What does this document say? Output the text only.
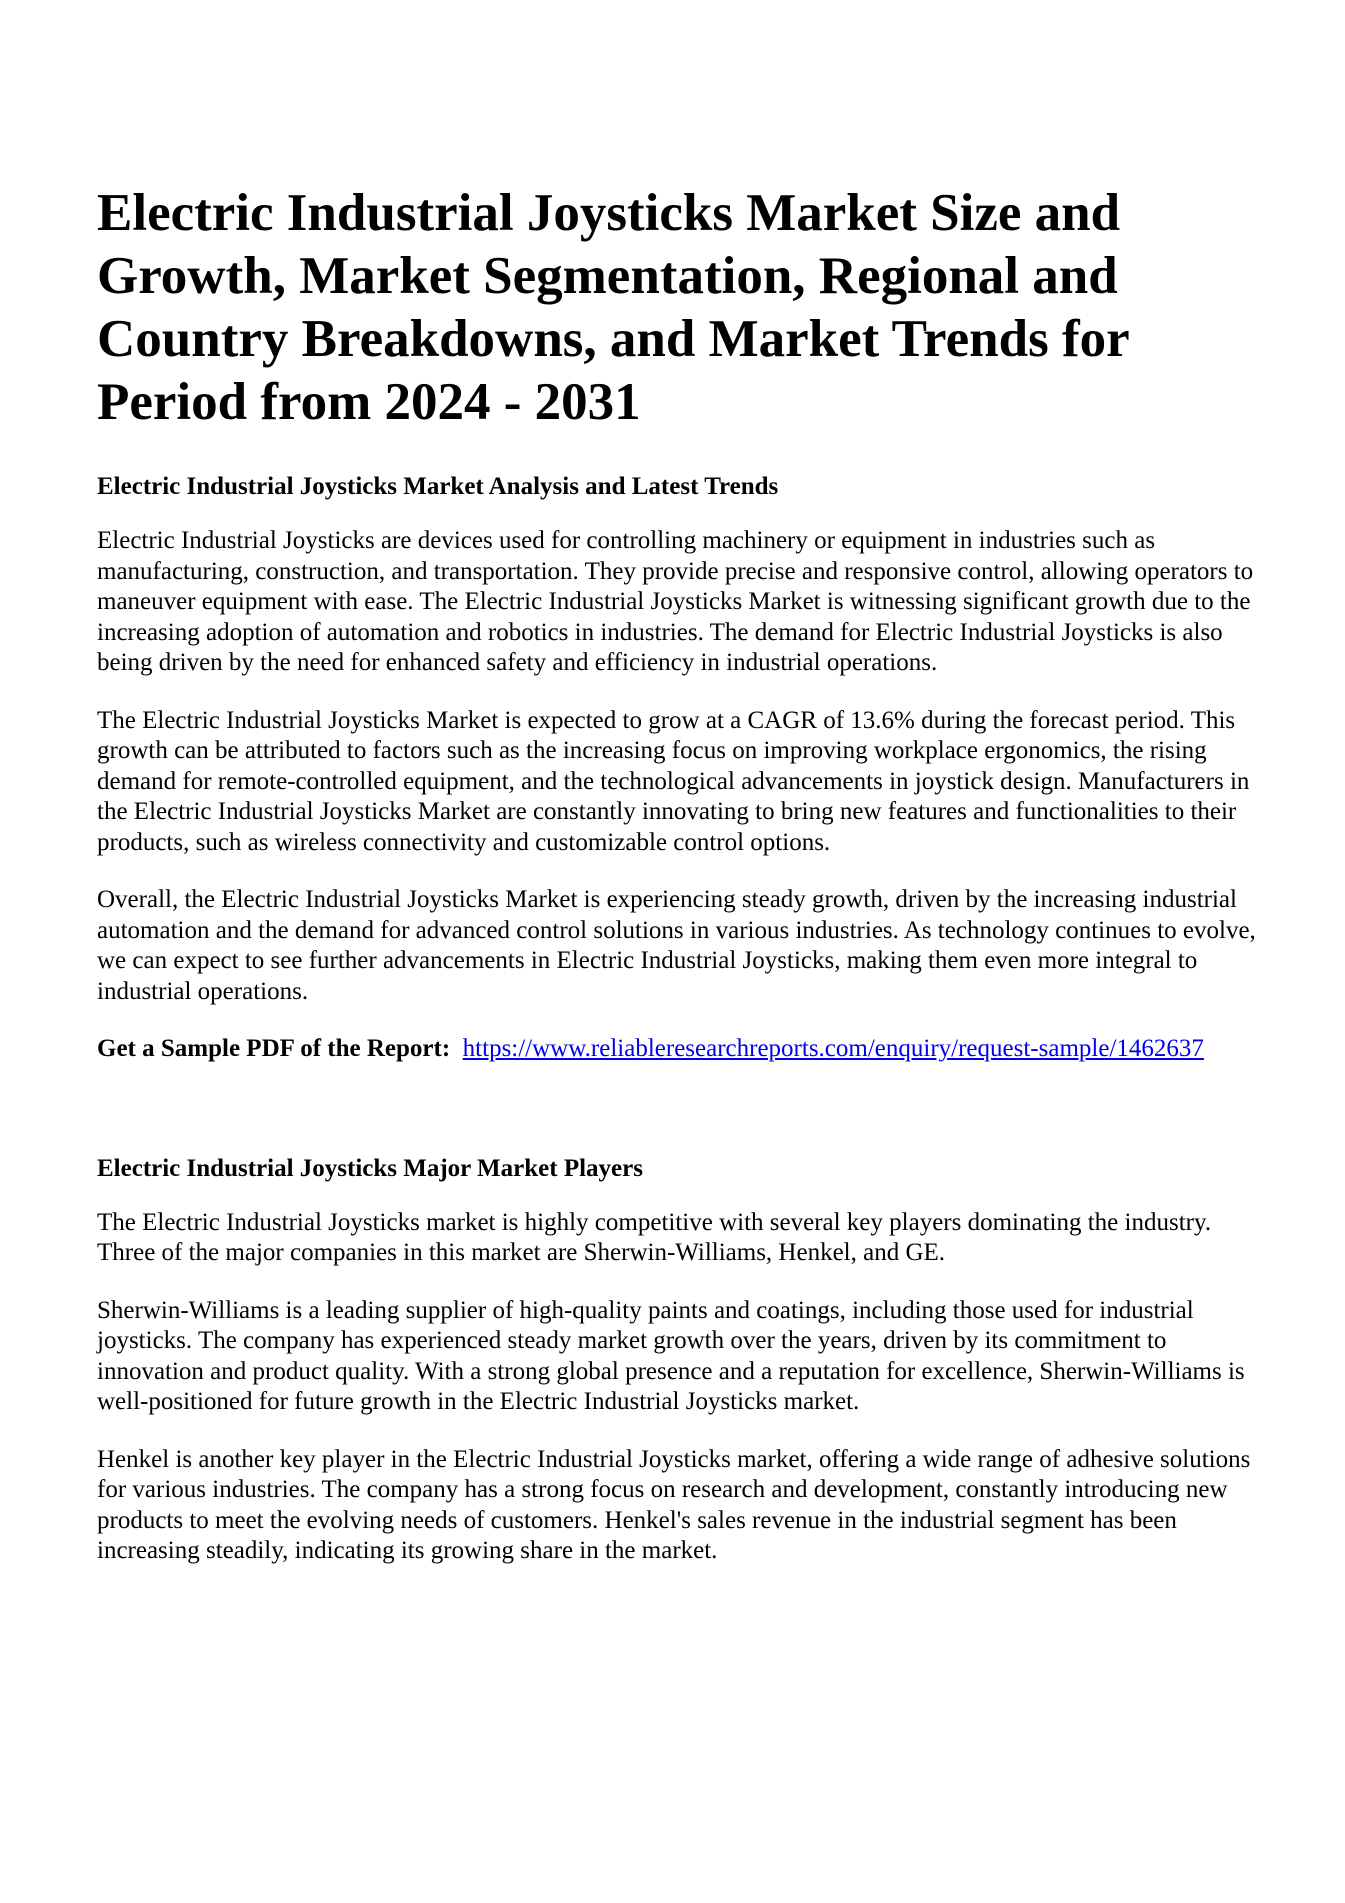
Electric Industrial Joysticks Market Size and Growth, Market Segmentation, Regional and Country Breakdowns, and Market Trends for Period from 2024 - 2031
Electric Industrial Joysticks Market Analysis and Latest Trends

Electric Industrial Joysticks are devices used for controlling machinery or equipment in industries such as manufacturing, construction, and transportation. They provide precise and responsive control, allowing operators to maneuver equipment with ease. The Electric Industrial Joysticks Market is witnessing significant growth due to the increasing adoption of automation and robotics in industries. The demand for Electric Industrial Joysticks is also being driven by the need for enhanced safety and efficiency in industrial operations.

The Electric Industrial Joysticks Market is expected to grow at a CAGR of 13.6% during the forecast period. This growth can be attributed to factors such as the increasing focus on improving workplace ergonomics, the rising demand for remote-controlled equipment, and the technological advancements in joystick design. Manufacturers in the Electric Industrial Joysticks Market are constantly innovating to bring new features and functionalities to their products, such as wireless connectivity and customizable control options.

Overall, the Electric Industrial Joysticks Market is experiencing steady growth, driven by the increasing industrial automation and the demand for advanced control solutions in various industries. As technology continues to evolve, we can expect to see further advancements in Electric Industrial Joysticks, making them even more integral to industrial operations.

Get a Sample PDF of the Report: https://www.reliableresearchreports.com/enquiry/request-sample/1462637

Electric Industrial Joysticks Major Market Players

The Electric Industrial Joysticks market is highly competitive with several key players dominating the industry. Three of the major companies in this market are Sherwin-Williams, Henkel, and GE.

Sherwin-Williams is a leading supplier of high-quality paints and coatings, including those used for industrial joysticks. The company has experienced steady market growth over the years, driven by its commitment to innovation and product quality. With a strong global presence and a reputation for excellence, Sherwin-Williams is well-positioned for future growth in the Electric Industrial Joysticks market.

Henkel is another key player in the Electric Industrial Joysticks market, offering a wide range of adhesive solutions for various industries. The company has a strong focus on research and development, constantly introducing new products to meet the evolving needs of customers. Henkel's sales revenue in the industrial segment has been increasing steadily, indicating its growing share in the market.
